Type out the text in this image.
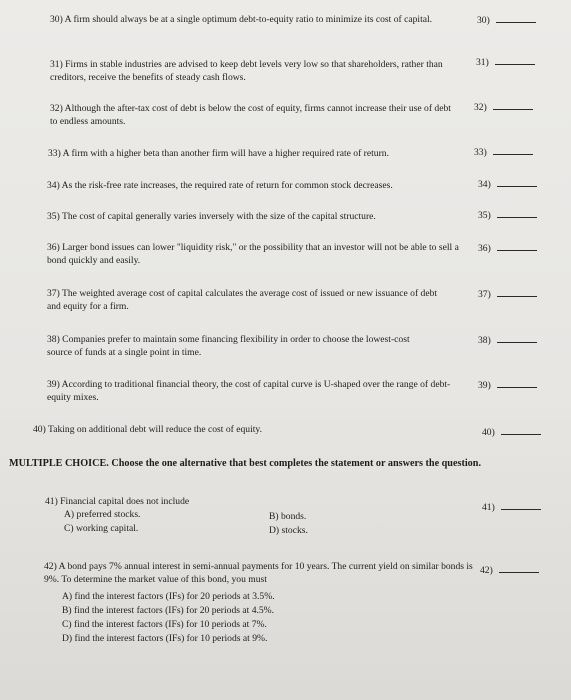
30) A firm should always be at a single optimum debt-to-equity ratio to minimize its cost of capital.	30)
31) Firms in stable industries are advised to keep debt levels very low so that shareholders, rather than creditors, receive the benefits of steady cash flows.
31)
32) Although the after-tax cost of debt is below the cost of equity, firms cannot increase their use of debt to endless amounts.
32)
33) A firm with a higher beta than another firm will have a higher required rate of return.	33)
34) As the risk-free rate increases, the required rate of return for common stock decreases.	34)
35) The cost of capital generally varies inversely with the size of the capital structure.	35)
36) Larger bond issues can lower "liquidity risk," or the possibility that an investor will not be able to sell a bond quickly and easily.
36)
37) The weighted average cost of capital calculates the average cost of issued or new issuance of debt and equity for a firm.
37)
38) Companies prefer to maintain some financing flexibility in order to choose the lowest-cost source of funds at a single point in time.
38)
39) According to traditional financial theory, the cost of capital curve is U-shaped over the range of debt-equity mixes.
39)
40) Taking on additional debt will reduce the cost of equity.	40)
MULTIPLE CHOICE. Choose the one alternative that best completes the statement or answers the question.
41) Financial capital does not include
41)
A) preferred stocks.	B) bonds.
C) working capital.	D) stocks.
42) A bond pays 7% annual interest in semi-annual payments for 10 years. The current yield on similar bonds is 9%. To determine the market value of this bond, you must
42)
A) find the interest factors (IFs) for 20 periods at 3.5%.
B) find the interest factors (IFs) for 20 periods at 4.5%.
C) find the interest factors (IFs) for 10 periods at 7%.
D) find the interest factors (IFs) for 10 periods at 9%.
